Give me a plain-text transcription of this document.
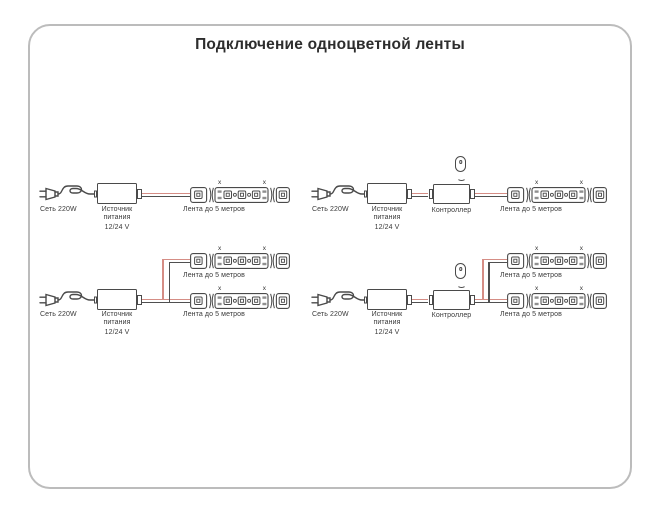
Подключение одноцветной ленты
x	x
Сеть 220W	Источник
питания
12/24 V
Лента до 5 метров
x	x
Сеть 220W	Источник
питания
12/24 V
Контроллер	Лента до 5 метров
x	x
x	x
Лента до 5 метров
Сеть 220W	Источник
питания
12/24 V
Лента до 5 метров
x	x
x	x
Лента до 5 метров
Сеть 220W	Источник
питания
12/24 V
Контроллер	Лента до 5 метров
